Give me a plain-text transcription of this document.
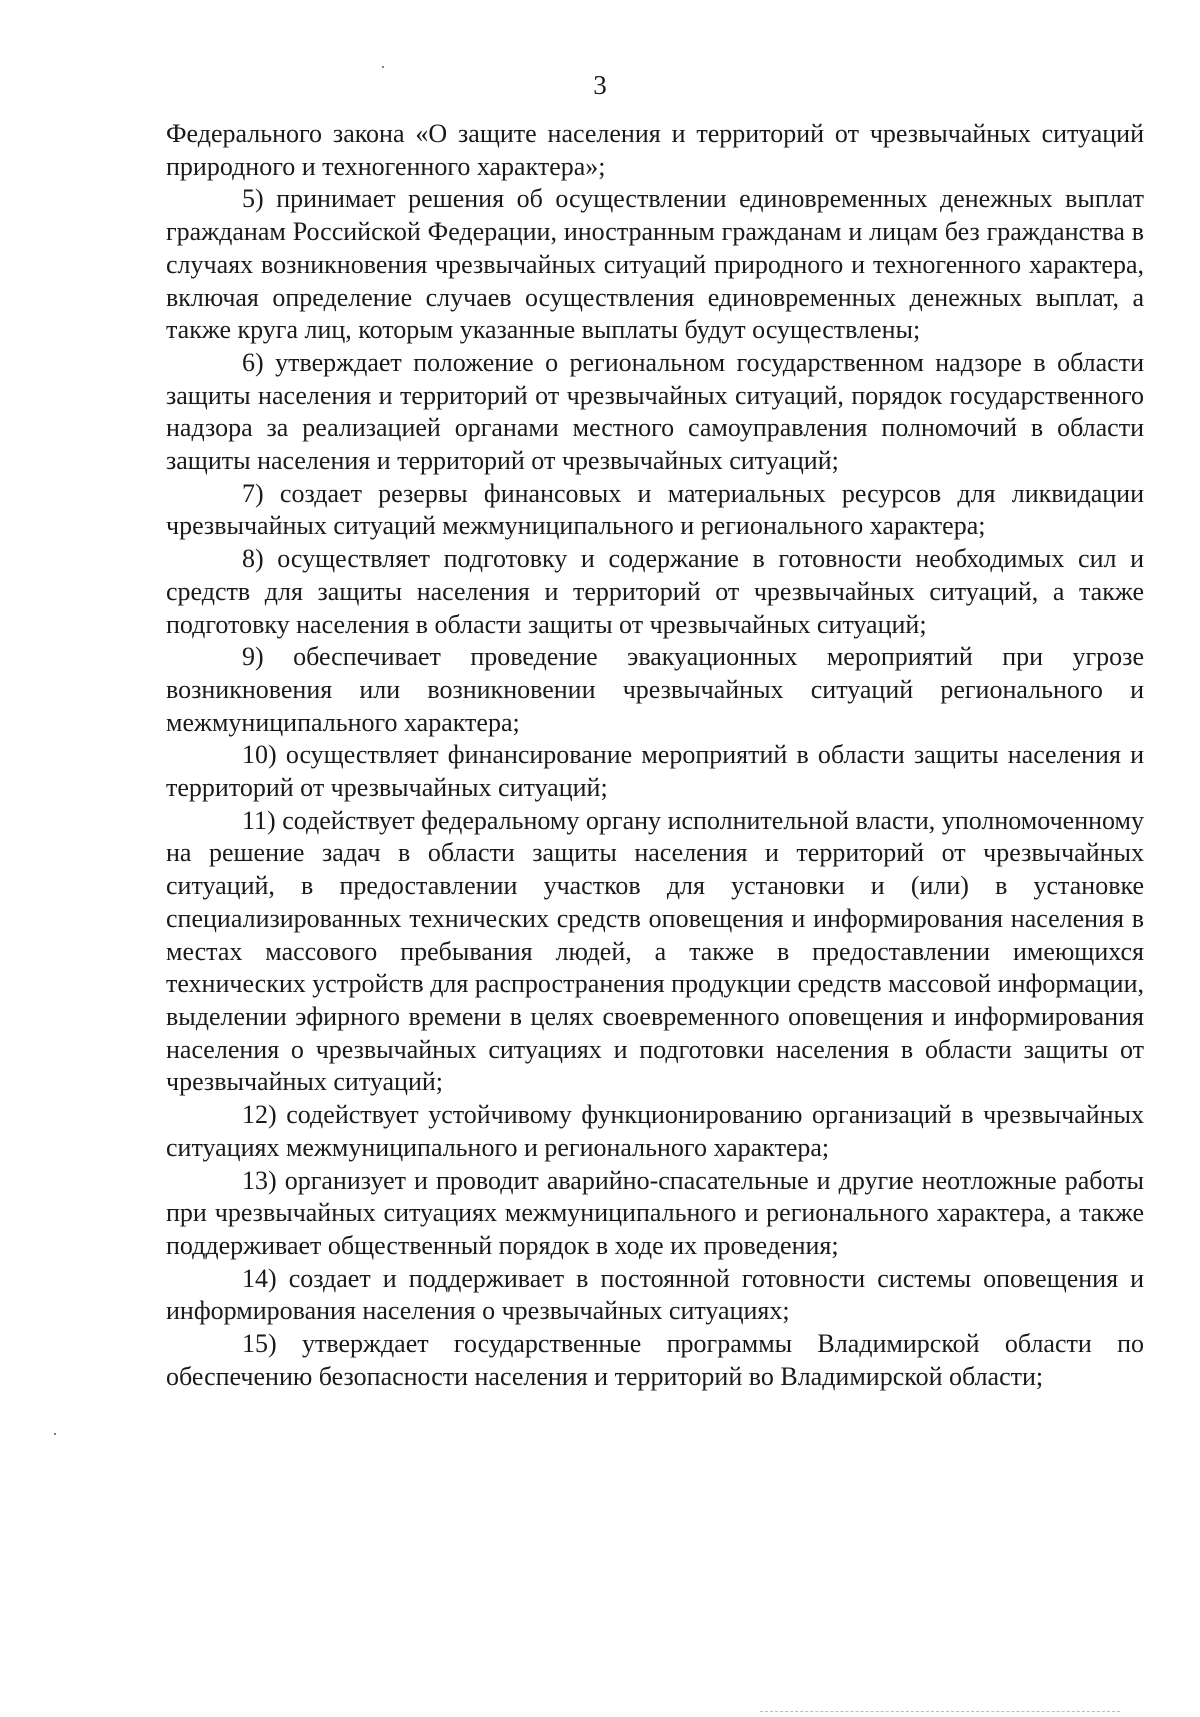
3

Федерального закона «О защите населения и территорий от чрезвычайных ситуаций природного и техногенного характера»;

5) принимает решения об осуществлении единовременных денежных выплат гражданам Российской Федерации, иностранным гражданам и лицам без гражданства в случаях возникновения чрезвычайных ситуаций природного и техногенного характера, включая определение случаев осуществления единовременных денежных выплат, а также круга лиц, которым указанные выплаты будут осуществлены;

6) утверждает положение о региональном государственном надзоре в области защиты населения и территорий от чрезвычайных ситуаций, порядок государственного надзора за реализацией органами местного самоуправления полномочий в области защиты населения и территорий от чрезвычайных ситуаций;

7) создает резервы финансовых и материальных ресурсов для ликвидации чрезвычайных ситуаций межмуниципального и регионального характера;

8) осуществляет подготовку и содержание в готовности необходимых сил и средств для защиты населения и территорий от чрезвычайных ситуаций, а также подготовку населения в области защиты от чрезвычайных ситуаций;

9) обеспечивает проведение эвакуационных мероприятий при угрозе возникновения или возникновении чрезвычайных ситуаций регионального и межмуниципального характера;

10) осуществляет финансирование мероприятий в области защиты населения и территорий от чрезвычайных ситуаций;

11) содействует федеральному органу исполнительной власти, уполномоченному на решение задач в области защиты населения и территорий от чрезвычайных ситуаций, в предоставлении участков для установки и (или) в установке специализированных технических средств оповещения и информирования населения в местах массового пребывания людей, а также в предоставлении имеющихся технических устройств для распространения продукции средств массовой информации, выделении эфирного времени в целях своевременного оповещения и информирования населения о чрезвычайных ситуациях и подготовки населения в области защиты от чрезвычайных ситуаций;

12) содействует устойчивому функционированию организаций в чрезвычайных ситуациях межмуниципального и регионального характера;

13) организует и проводит аварийно-спасательные и другие неотложные работы при чрезвычайных ситуациях межмуниципального и регионального характера, а также поддерживает общественный порядок в ходе их проведения;

14) создает и поддерживает в постоянной готовности системы оповещения и информирования населения о чрезвычайных ситуациях;

15) утверждает государственные программы Владимирской области по обеспечению безопасности населения и территорий во Владимирской области;
